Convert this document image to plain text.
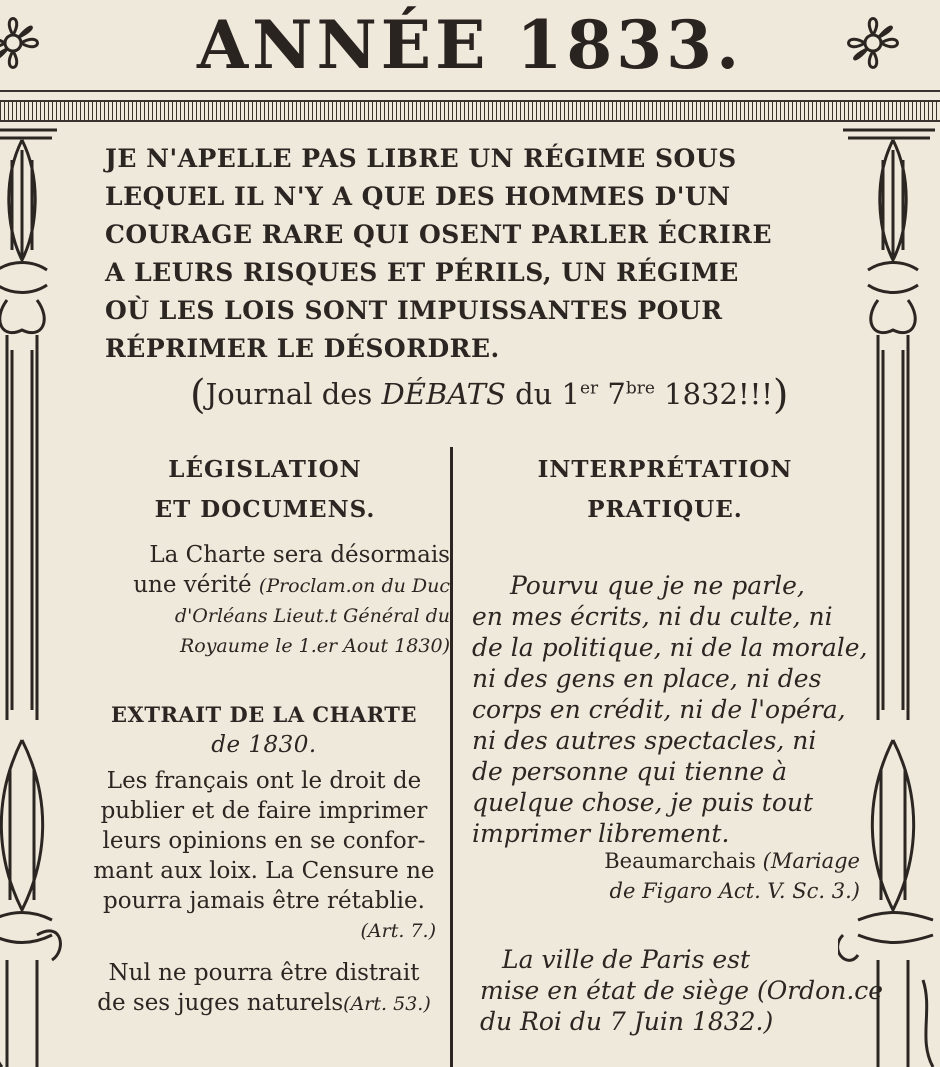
ANNÉE 1833.
JE N'APELLE PAS LIBRE UN RÉGIME SOUS
LEQUEL IL N'Y A QUE DES HOMMES D'UN
COURAGE RARE QUI OSENT PARLER ÉCRIRE
A LEURS RISQUES ET PÉRILS, UN RÉGIME
OÙ LES LOIS SONT IMPUISSANTES POUR
RÉPRIMER LE DÉSORDRE.
(Journal des DÉBATS du 1er $7^{bre}$ 1832!!!)
LÉGISLATION
ET DOCUMENS.
INTERPRÉTATION
PRATIQUE.
La Charte sera désormais
une vérité (Proclam.on du Duc
d'Orléans Lieut.t Général du
Royaume le 1.er Aout 1830)
EXTRAIT DE LA CHARTE
de 1830.
Les français ont le droit de
publier et de faire imprimer
leurs opinions en se confor-
mant aux loix. La Censure ne
pourra jamais être rétablie.
(Art. 7.)
Nul ne pourra être distrait
de ses juges naturels(Art. 53.)
Pourvu que je ne parle,
en mes écrits, ni du culte, ni
de la politique, ni de la morale,
ni des gens en place, ni des
corps en crédit, ni de l'opéra,
ni des autres spectacles, ni
de personne qui tienne à
quelque chose, je puis tout
imprimer librement.
Beaumarchais (Mariage
de Figaro Act. V. Sc. 3.)
La ville de Paris est
mise en état de siège (Ordon.ce
du Roi du 7 Juin 1832.)
